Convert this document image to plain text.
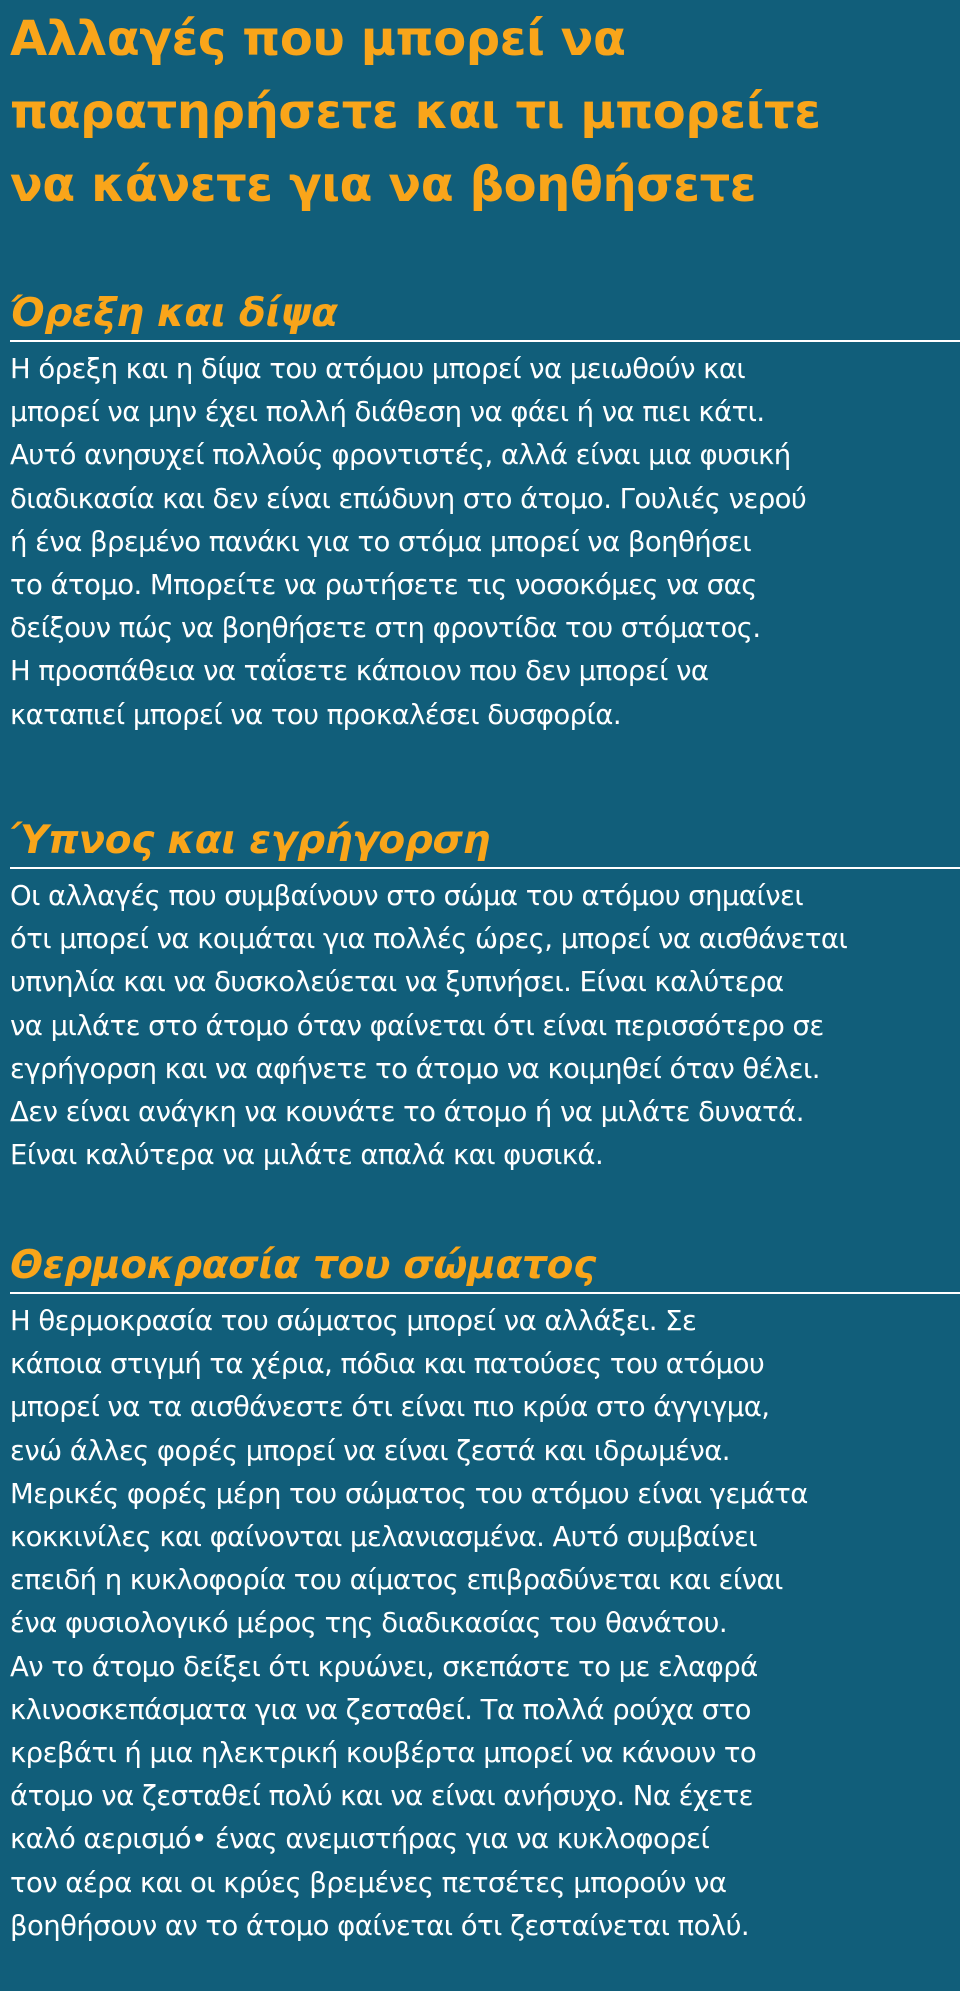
Αλλαγές που μπορεί να
παρατηρήσετε και τι μπορείτε
να κάνετε για να βοηθήσετε
Όρεξη και δίψα

Η όρεξη και η δίψα του ατόμου μπορεί να μειωθούν και
μπορεί να μην έχει πολλή διάθεση να φάει ή να πιει κάτι.
Αυτό ανησυχεί πολλούς φροντιστές, αλλά είναι μια φυσική
διαδικασία και δεν είναι επώδυνη στο άτομο. Γουλιές νερού
ή ένα βρεμένο πανάκι για το στόμα μπορεί να βοηθήσει
το άτομο. Μπορείτε να ρωτήσετε τις νοσοκόμες να σας
δείξουν πώς να βοηθήσετε στη φροντίδα του στόματος.
Η προσπάθεια να ταΐσετε κάποιον που δεν μπορεί να
καταπιεί μπορεί να του προκαλέσει δυσφορία.

Ύπνος και εγρήγορση

Οι αλλαγές που συμβαίνουν στο σώμα του ατόμου σημαίνει
ότι μπορεί να κοιμάται για πολλές ώρες, μπορεί να αισθάνεται
υπνηλία και να δυσκολεύεται να ξυπνήσει. Είναι καλύτερα
να μιλάτε στο άτομο όταν φαίνεται ότι είναι περισσότερο σε
εγρήγορση και να αφήνετε το άτομο να κοιμηθεί όταν θέλει.
Δεν είναι ανάγκη να κουνάτε το άτομο ή να μιλάτε δυνατά.
Είναι καλύτερα να μιλάτε απαλά και φυσικά.

Θερμοκρασία του σώματος

Η θερμοκρασία του σώματος μπορεί να αλλάξει. Σε
κάποια στιγμή τα χέρια, πόδια και πατούσες του ατόμου
μπορεί να τα αισθάνεστε ότι είναι πιο κρύα στο άγγιγμα,
ενώ άλλες φορές μπορεί να είναι ζεστά και ιδρωμένα.
Μερικές φορές μέρη του σώματος του ατόμου είναι γεμάτα
κοκκινίλες και φαίνονται μελανιασμένα. Αυτό συμβαίνει
επειδή η κυκλοφορία του αίματος επιβραδύνεται και είναι
ένα φυσιολογικό μέρος της διαδικασίας του θανάτου.
Αν το άτομο δείξει ότι κρυώνει, σκεπάστε το με ελαφρά
κλινοσκεπάσματα για να ζεσταθεί. Τα πολλά ρούχα στο
κρεβάτι ή μια ηλεκτρική κουβέρτα μπορεί να κάνουν το
άτομο να ζεσταθεί πολύ και να είναι ανήσυχο. Να έχετε
καλό αερισμό• ένας ανεμιστήρας για να κυκλοφορεί
τον αέρα και οι κρύες βρεμένες πετσέτες μπορούν να
βοηθήσουν αν το άτομο φαίνεται ότι ζεσταίνεται πολύ.
